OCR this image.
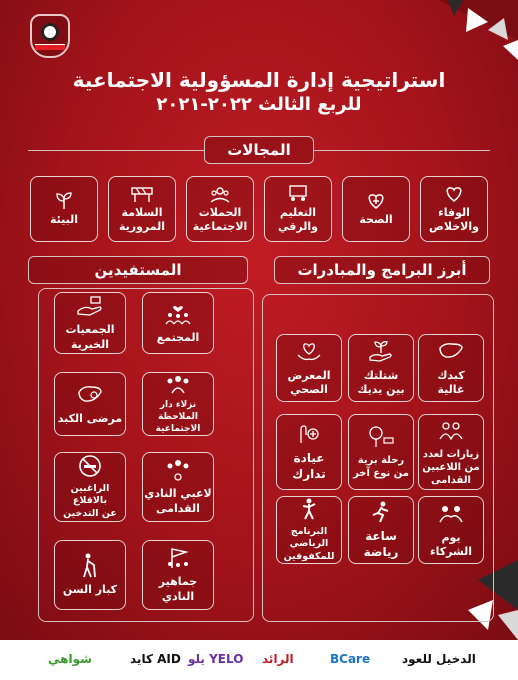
استراتيجية إدارة المسؤولية الاجتماعية
للربع الثالث ٢٠٢٢-٢٠٢١
المجالات
الوفاء
والاخلاص
الصحة
التعليم
والرقي
الحملات
الاجتماعية
السلامة
المرورية
البيئة
أبرز البرامج والمبادرات
كبدك
غالية
شتلتك
بين يديك
المعرض
الصحي
زيارات لعدد
من اللاعبين
القدامى
رحلة برية
من نوع آخر
عيادة
تدارك
يوم
الشركاء
ساعة
رياضة
البرنامج الرياضي
للمكفوفين
المستفيدين
المجتمع
الجمعيات
الخيرية
نزلاء دار الملاحظة
الاجتماعية
مرضى الكبد
لاعبي النادي
القدامى
الراغبين بالاقلاع
عن التدخين
جماهير
النادي
كبار السن
الدخيل للعود
BCare
الرائد
يلو YELO
كايد AID
شواهي
